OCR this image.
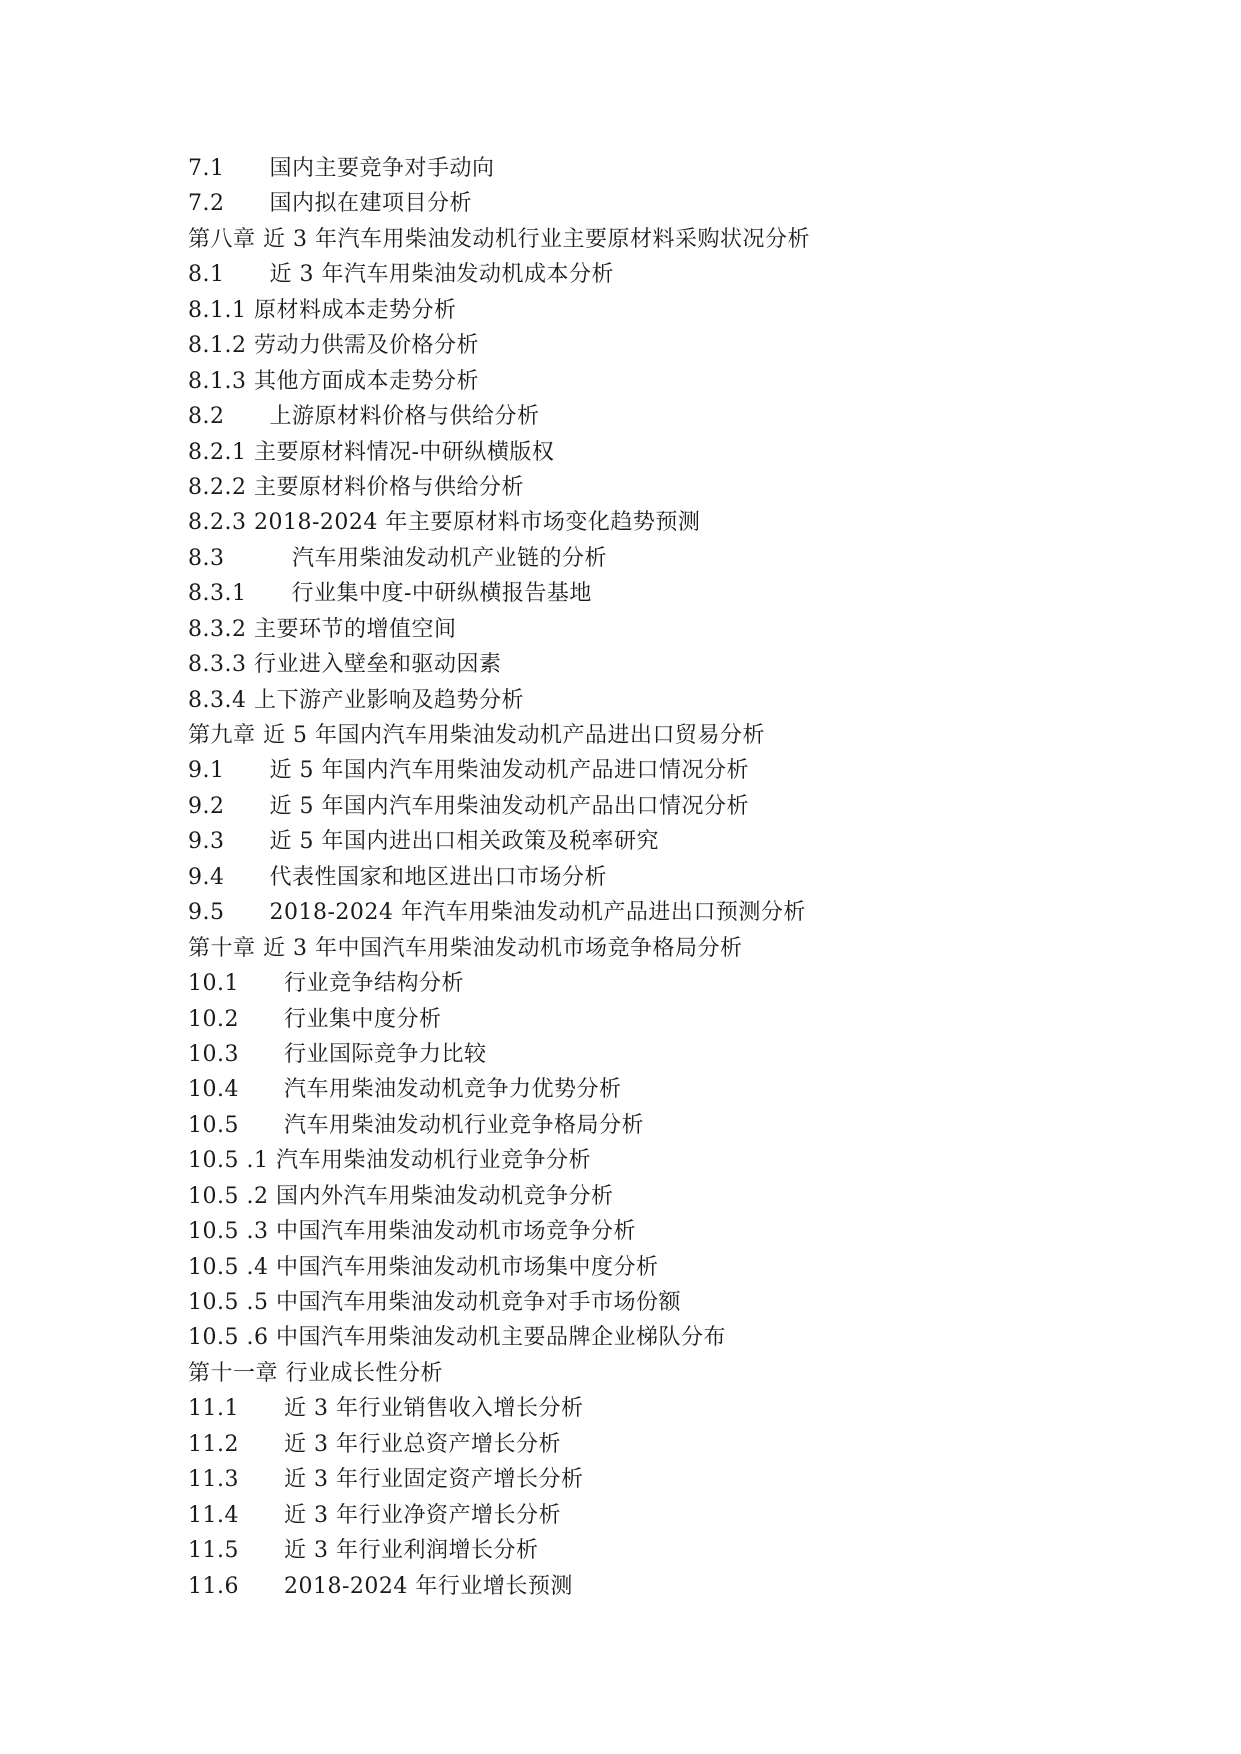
7.1　　国内主要竞争对手动向
7.2　　国内拟在建项目分析
第八章 近 3 年汽车用柴油发动机行业主要原材料采购状况分析
8.1　　近 3 年汽车用柴油发动机成本分析
8.1.1 原材料成本走势分析
8.1.2 劳动力供需及价格分析
8.1.3 其他方面成本走势分析
8.2　　上游原材料价格与供给分析
8.2.1 主要原材料情况-中研纵横版权
8.2.2 主要原材料价格与供给分析
8.2.3 2018-2024 年主要原材料市场变化趋势预测
8.3　　　汽车用柴油发动机产业链的分析
8.3.1　　行业集中度-中研纵横报告基地
8.3.2 主要环节的增值空间
8.3.3 行业进入壁垒和驱动因素
8.3.4 上下游产业影响及趋势分析
第九章 近 5 年国内汽车用柴油发动机产品进出口贸易分析
9.1　　近 5 年国内汽车用柴油发动机产品进口情况分析
9.2　　近 5 年国内汽车用柴油发动机产品出口情况分析
9.3　　近 5 年国内进出口相关政策及税率研究
9.4　　代表性国家和地区进出口市场分析
9.5　　2018-2024 年汽车用柴油发动机产品进出口预测分析
第十章 近 3 年中国汽车用柴油发动机市场竞争格局分析
10.1　　行业竞争结构分析
10.2　　行业集中度分析
10.3　　行业国际竞争力比较
10.4　　汽车用柴油发动机竞争力优势分析
10.5　　汽车用柴油发动机行业竞争格局分析
10.5 .1 汽车用柴油发动机行业竞争分析
10.5 .2 国内外汽车用柴油发动机竞争分析
10.5 .3 中国汽车用柴油发动机市场竞争分析
10.5 .4 中国汽车用柴油发动机市场集中度分析
10.5 .5 中国汽车用柴油发动机竞争对手市场份额
10.5 .6 中国汽车用柴油发动机主要品牌企业梯队分布
第十一章 行业成长性分析
11.1　　近 3 年行业销售收入增长分析
11.2　　近 3 年行业总资产增长分析
11.3　　近 3 年行业固定资产增长分析
11.4　　近 3 年行业净资产增长分析
11.5　　近 3 年行业利润增长分析
11.6　　2018-2024 年行业增长预测
